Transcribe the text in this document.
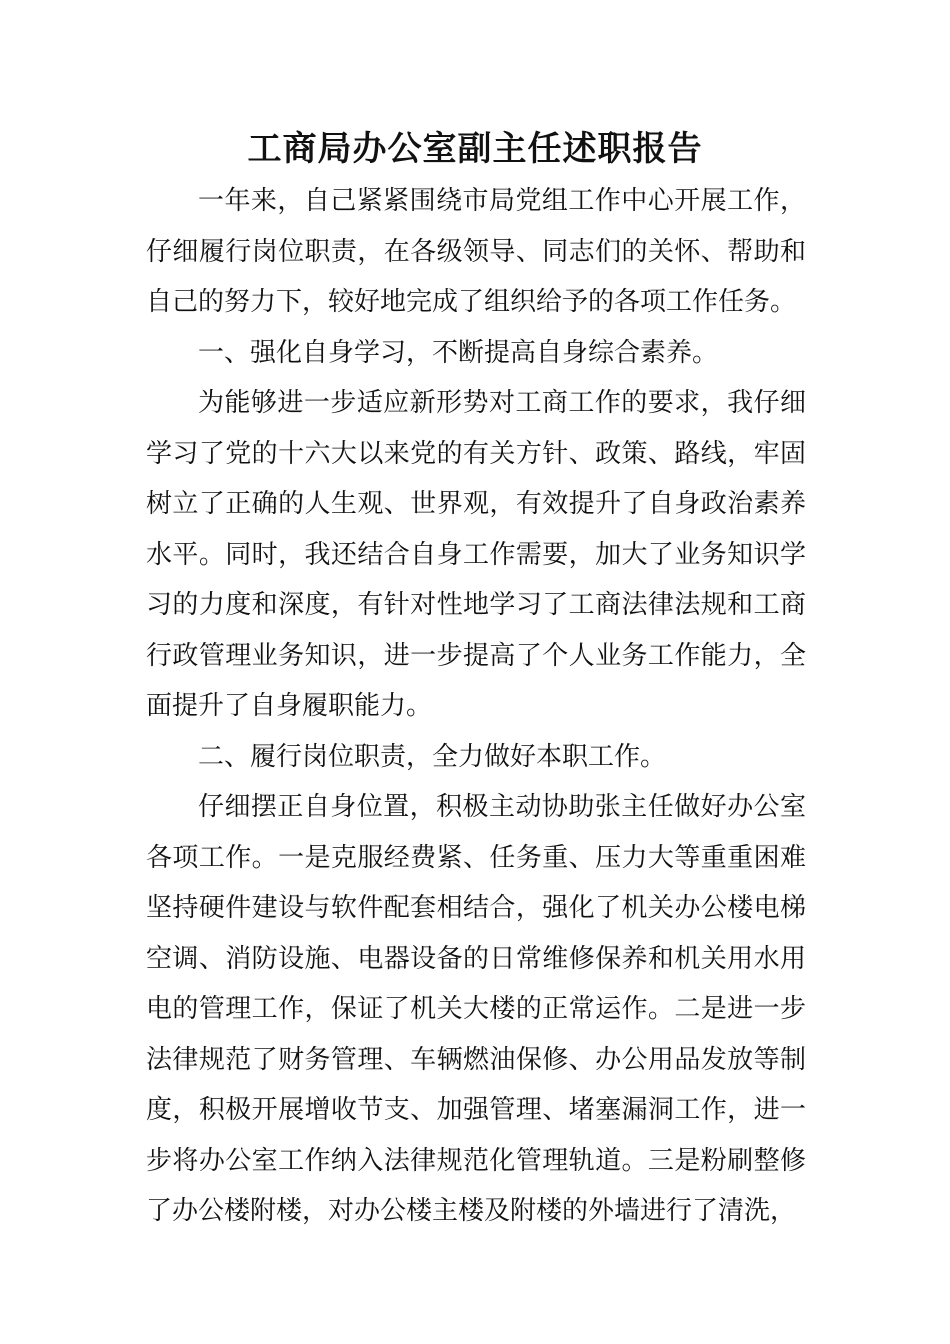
工商局办公室副主任述职报告

一年来，自己紧紧围绕市局党组工作中心开展工作，仔细履行岗位职责，在各级领导、同志们的关怀、帮助和自己的努力下，较好地完成了组织给予的各项工作任务。

一、强化自身学习，不断提高自身综合素养。

为能够进一步适应新形势对工商工作的要求，我仔细学习了党的十六大以来党的有关方针、政策、路线，牢固树立了正确的人生观、世界观，有效提升了自身政治素养水平。同时，我还结合自身工作需要，加大了业务知识学习的力度和深度，有针对性地学习了工商法律法规和工商行政管理业务知识，进一步提高了个人业务工作能力，全面提升了自身履职能力。

二、履行岗位职责，全力做好本职工作。

仔细摆正自身位置，积极主动协助张主任做好办公室各项工作。一是克服经费紧、任务重、压力大等重重困难坚持硬件建设与软件配套相结合，强化了机关办公楼电梯空调、消防设施、电器设备的日常维修保养和机关用水用电的管理工作，保证了机关大楼的正常运作。二是进一步法律规范了财务管理、车辆燃油保修、办公用品发放等制度，积极开展增收节支、加强管理、堵塞漏洞工作，进一步将办公室工作纳入法律规范化管理轨道。三是粉刷整修了办公楼附楼，对办公楼主楼及附楼的外墙进行了清洗，
